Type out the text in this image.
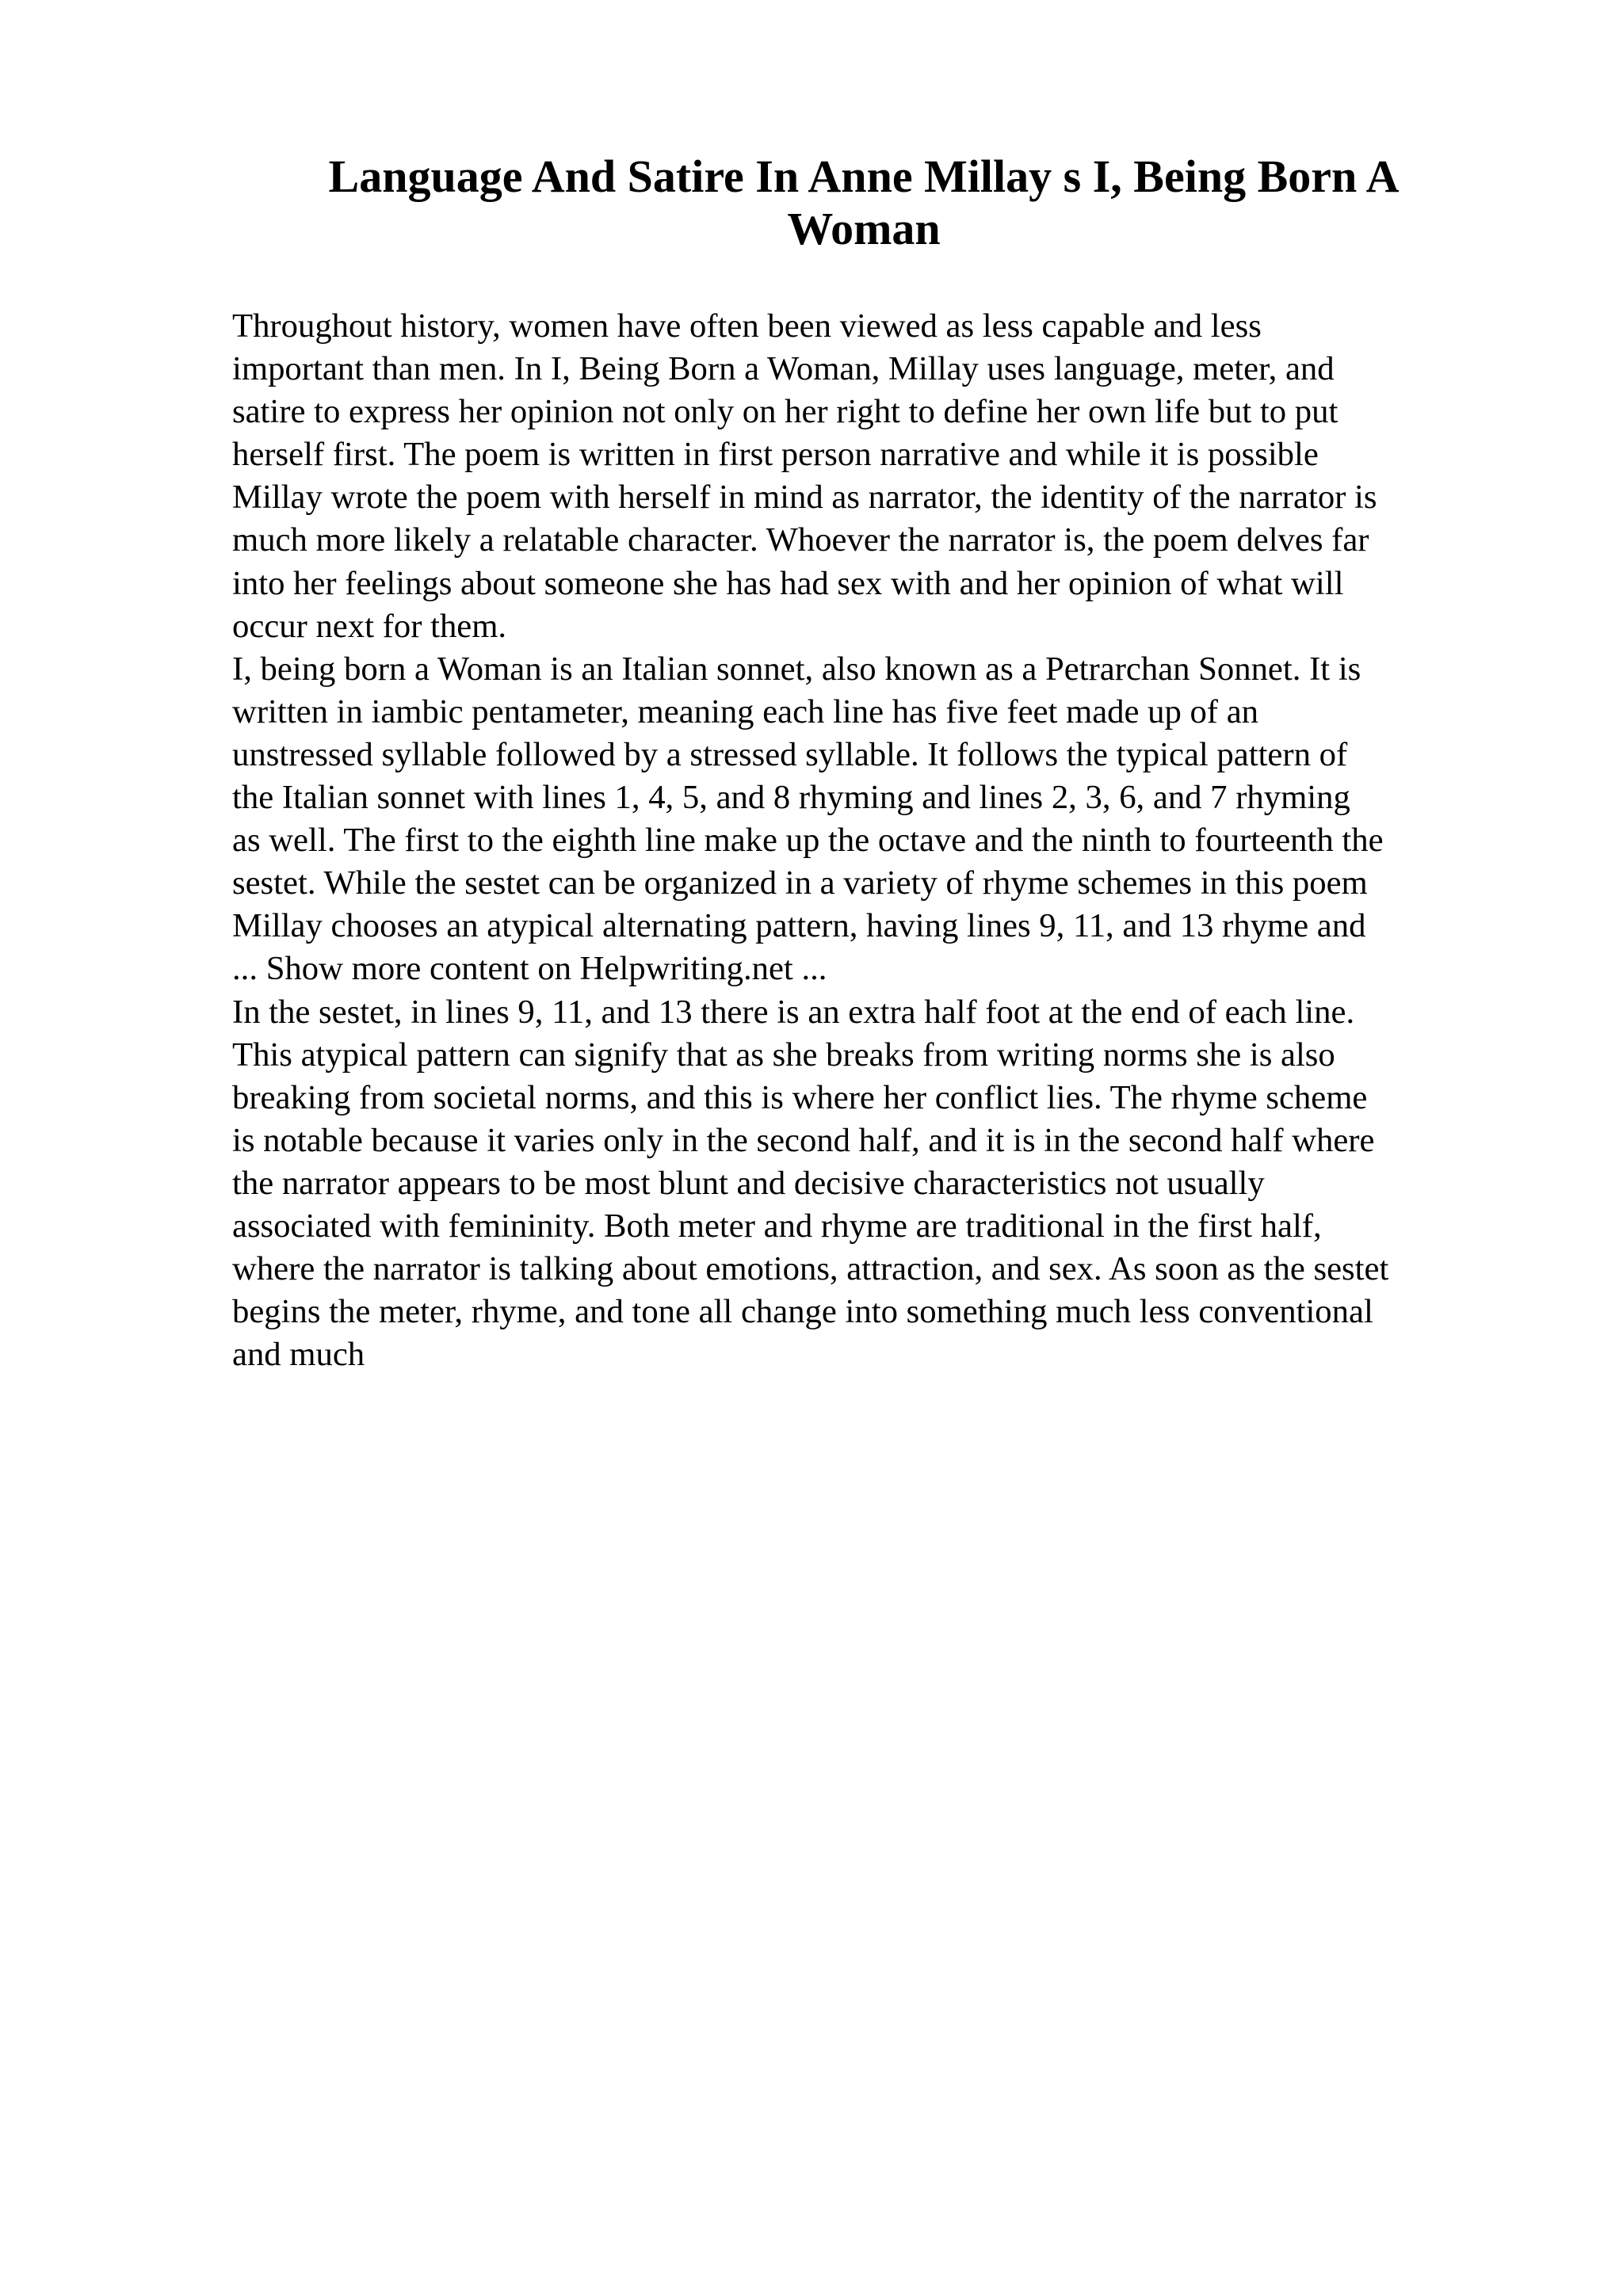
Language And Satire In Anne Millay s I, Being Born A
Woman
Throughout history, women have often been viewed as less capable and less
important than men. In I, Being Born a Woman, Millay uses language, meter, and
satire to express her opinion not only on her right to define her own life but to put
herself first. The poem is written in first person narrative and while it is possible
Millay wrote the poem with herself in mind as narrator, the identity of the narrator is
much more likely a relatable character. Whoever the narrator is, the poem delves far
into her feelings about someone she has had sex with and her opinion of what will
occur next for them.
I, being born a Woman is an Italian sonnet, also known as a Petrarchan Sonnet. It is
written in iambic pentameter, meaning each line has five feet made up of an
unstressed syllable followed by a stressed syllable. It follows the typical pattern of
the Italian sonnet with lines 1, 4, 5, and 8 rhyming and lines 2, 3, 6, and 7 rhyming
as well. The first to the eighth line make up the octave and the ninth to fourteenth the
sestet. While the sestet can be organized in a variety of rhyme schemes in this poem
Millay chooses an atypical alternating pattern, having lines 9, 11, and 13 rhyme and
... Show more content on Helpwriting.net ...
In the sestet, in lines 9, 11, and 13 there is an extra half foot at the end of each line.
This atypical pattern can signify that as she breaks from writing norms she is also
breaking from societal norms, and this is where her conflict lies. The rhyme scheme
is notable because it varies only in the second half, and it is in the second half where
the narrator appears to be most blunt and decisive characteristics not usually
associated with femininity. Both meter and rhyme are traditional in the first half,
where the narrator is talking about emotions, attraction, and sex. As soon as the sestet
begins the meter, rhyme, and tone all change into something much less conventional
and much
